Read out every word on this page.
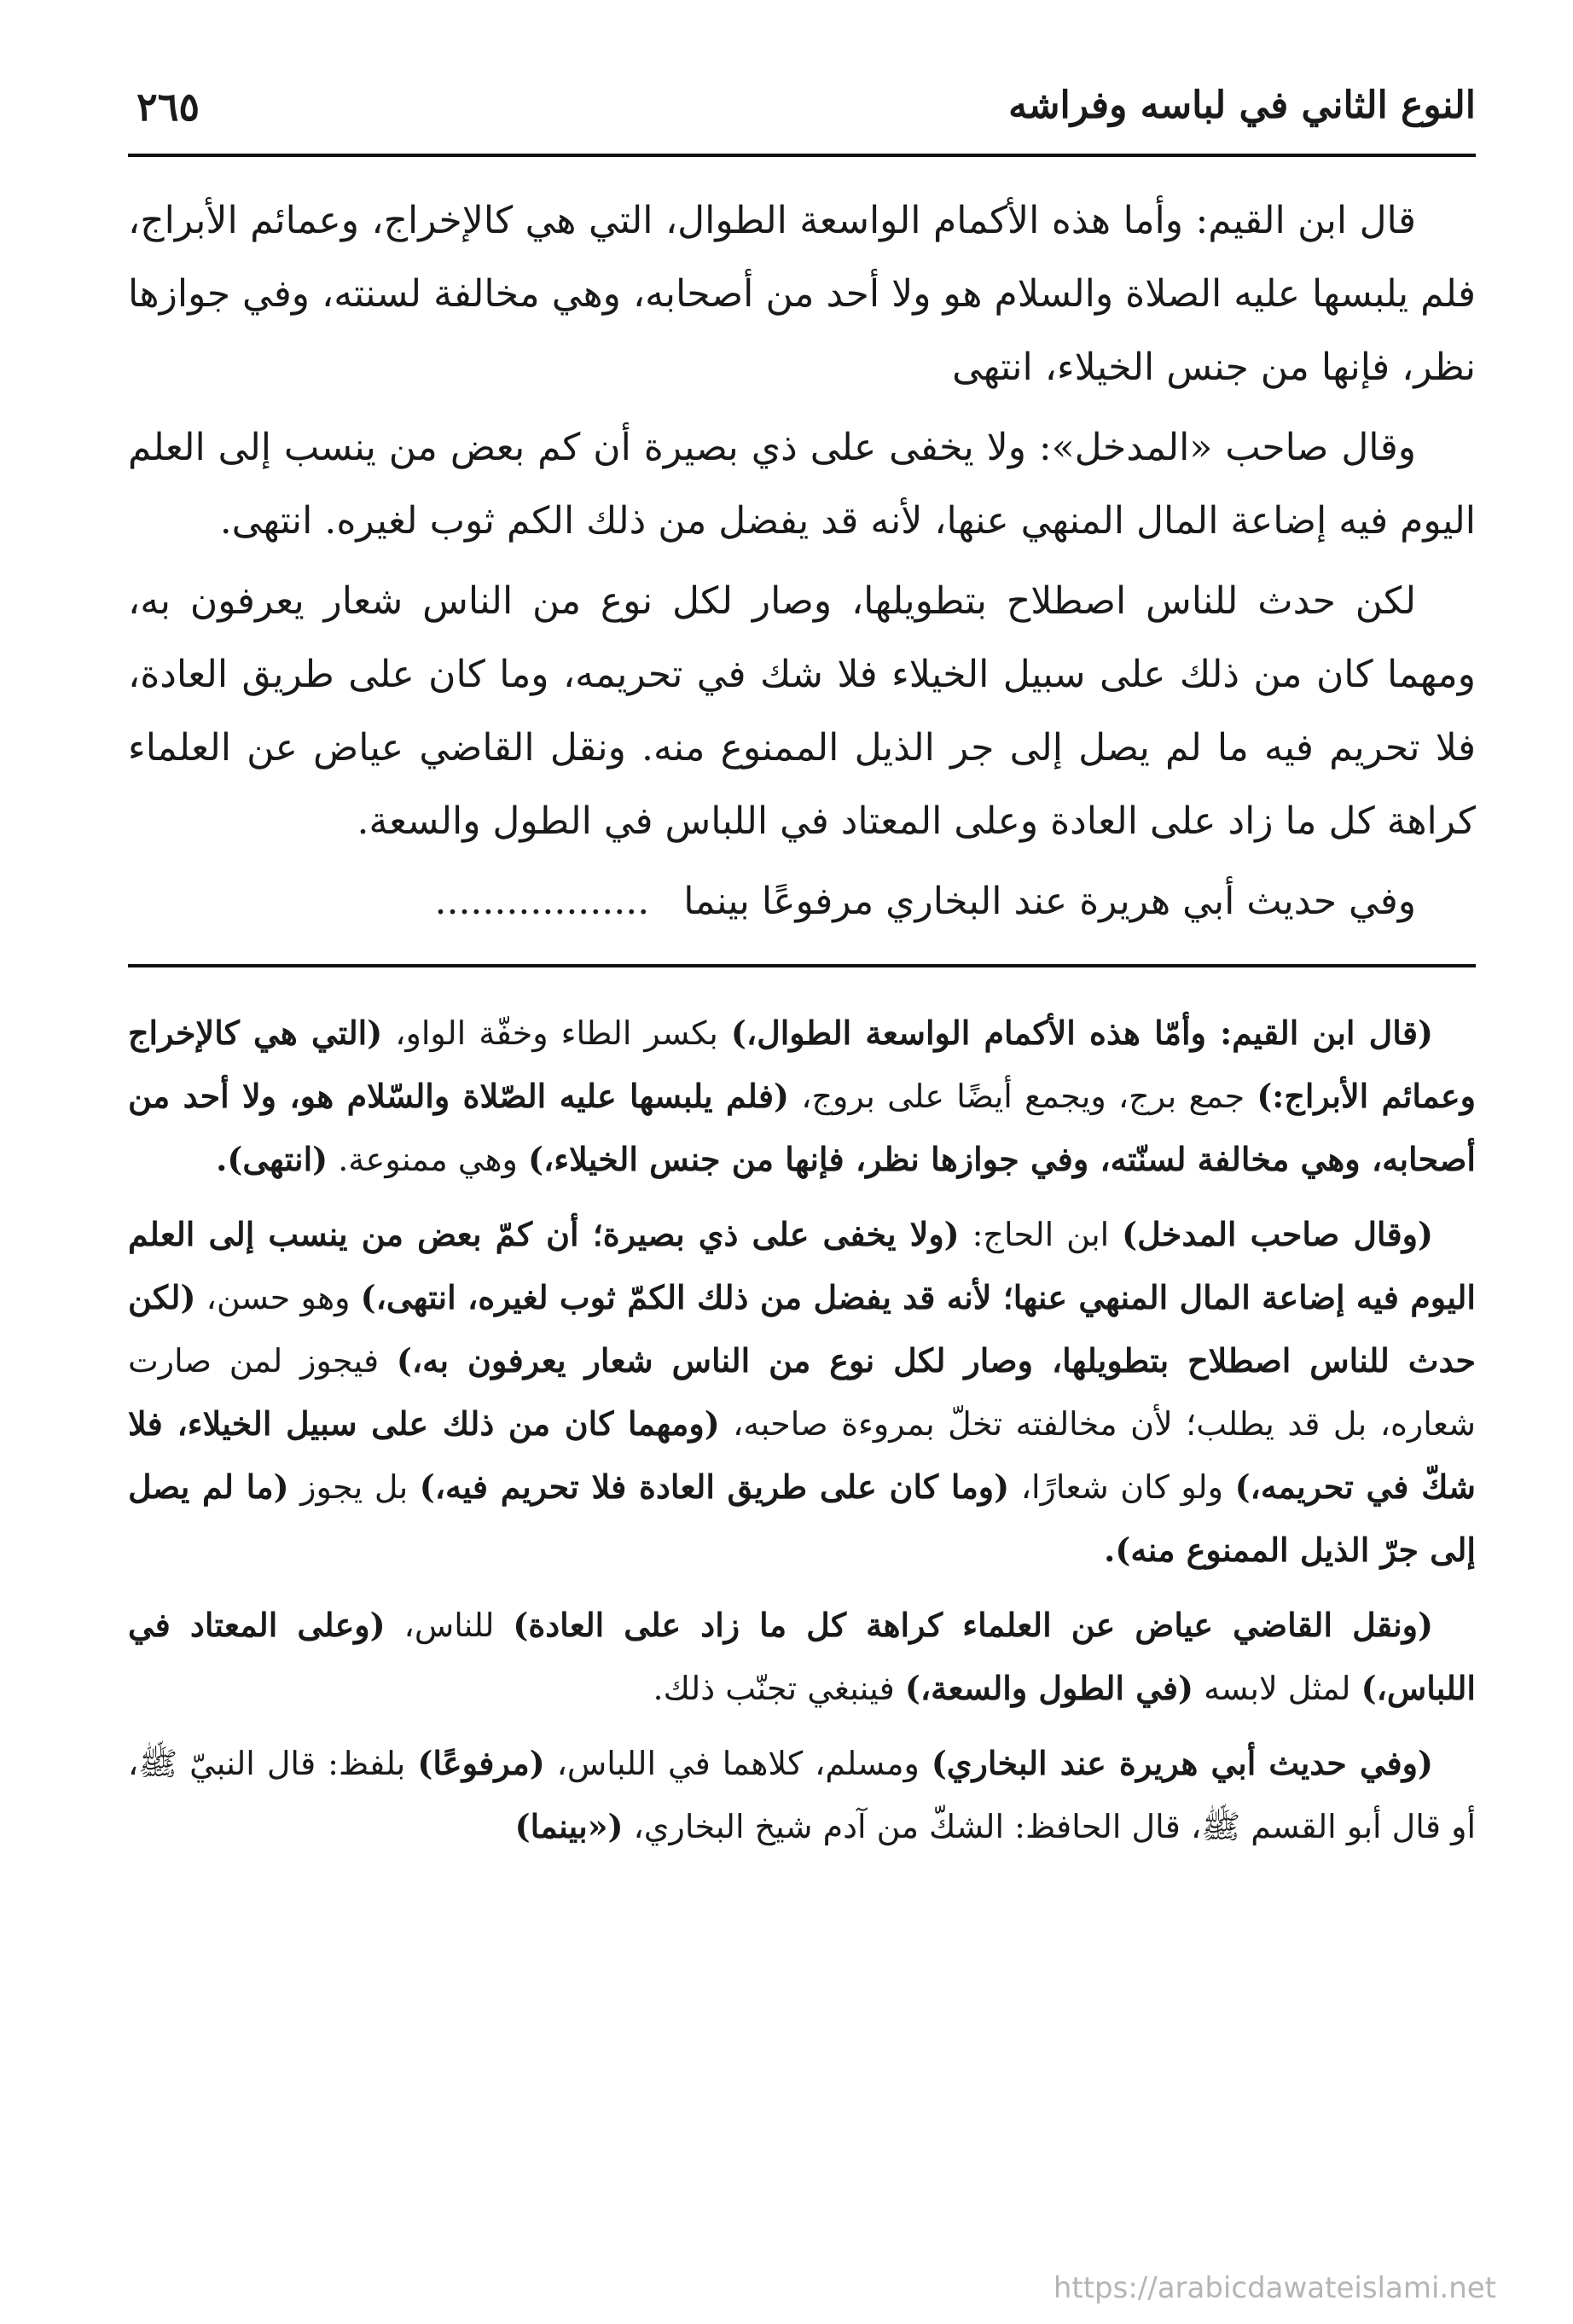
النوع الثاني في لباسه وفراشه
٢٦٥

قال ابن القيم: وأما هذه الأكمام الواسعة الطوال، التي هي كالإخراج، وعمائم الأبراج، فلم يلبسها عليه الصلاة والسلام هو ولا أحد من أصحابه، وهي مخالفة لسنته، وفي جوازها نظر، فإنها من جنس الخيلاء، انتهى

وقال صاحب «المدخل»: ولا يخفى على ذي بصيرة أن كم بعض من ينسب إلى العلم اليوم فيه إضاعة المال المنهي عنها، لأنه قد يفضل من ذلك الكم ثوب لغيره. انتهى.

لكن حدث للناس اصطلاح بتطويلها، وصار لكل نوع من الناس شعار يعرفون به، ومهما كان من ذلك على سبيل الخيلاء فلا شك في تحريمه، وما كان على طريق العادة، فلا تحريم فيه ما لم يصل إلى جر الذيل الممنوع منه. ونقل القاضي عياض عن العلماء كراهة كل ما زاد على العادة وعلى المعتاد في اللباس في الطول والسعة.

وفي حديث أبي هريرة عند البخاري مرفوعًا بينما..................

(قال ابن القيم: وأمّا هذه الأكمام الواسعة الطوال،) بكسر الطاء وخفّة الواو، (التي هي كالإخراج وعمائم الأبراج:) جمع برج، ويجمع أيضًا على بروج، (فلم يلبسها عليه الصّلاة والسّلام هو، ولا أحد من أصحابه، وهي مخالفة لسنّته، وفي جوازها نظر، فإنها من جنس الخيلاء،) وهي ممنوعة. (انتهى).

(وقال صاحب المدخل) ابن الحاج: (ولا يخفى على ذي بصيرة؛ أن كمّ بعض من ينسب إلى العلم اليوم فيه إضاعة المال المنهي عنها؛ لأنه قد يفضل من ذلك الكمّ ثوب لغيره، انتهى،) وهو حسن، (لكن حدث للناس اصطلاح بتطويلها، وصار لكل نوع من الناس شعار يعرفون به،) فيجوز لمن صارت شعاره، بل قد يطلب؛ لأن مخالفته تخلّ بمروءة صاحبه، (ومهما كان من ذلك على سبيل الخيلاء، فلا شكّ في تحريمه،) ولو كان شعارًا، (وما كان على طريق العادة فلا تحريم فيه،) بل يجوز (ما لم يصل إلى جرّ الذيل الممنوع منه).

(ونقل القاضي عياض عن العلماء كراهة كل ما زاد على العادة) للناس، (وعلى المعتاد في اللباس،) لمثل لابسه (في الطول والسعة،) فينبغي تجنّب ذلك.

(وفي حديث أبي هريرة عند البخاري) ومسلم، كلاهما في اللباس، (مرفوعًا) بلفظ: قال النبيّ ﷺ، أو قال أبو القسم ﷺ، قال الحافظ: الشكّ من آدم شيخ البخاري، («بينما)

https://arabicdawateislami.net
